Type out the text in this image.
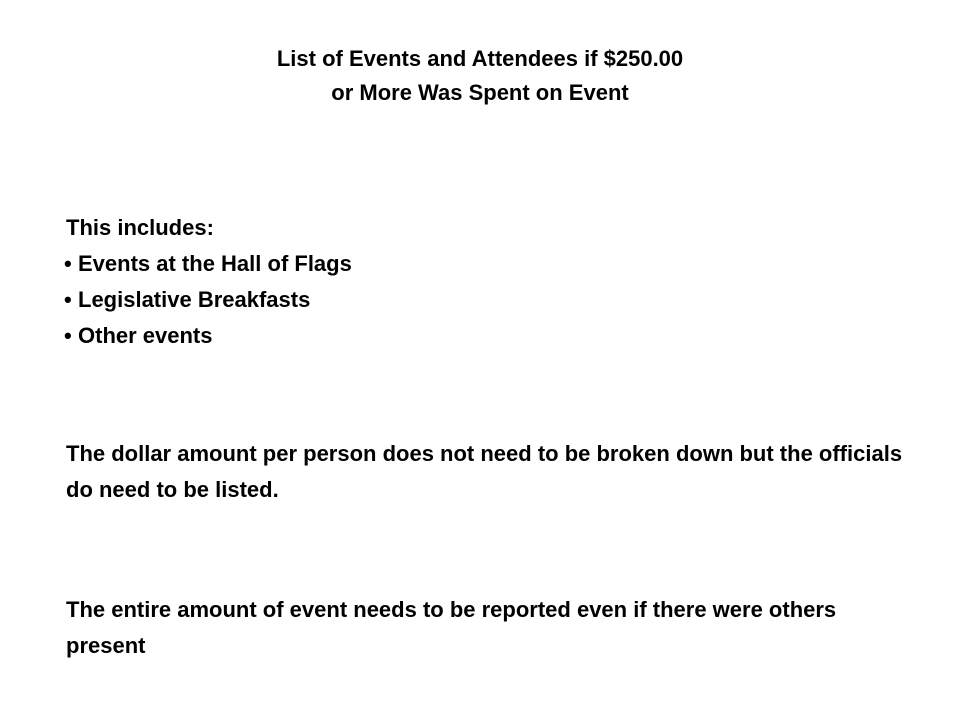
List of Events and Attendees if $250.00
or More Was Spent on Event
This includes:
• Events at the Hall of Flags
• Legislative Breakfasts
• Other events
The dollar amount per person does not need to be broken down but the officials do need to be listed.
The entire amount of event needs to be reported even if there were others present
